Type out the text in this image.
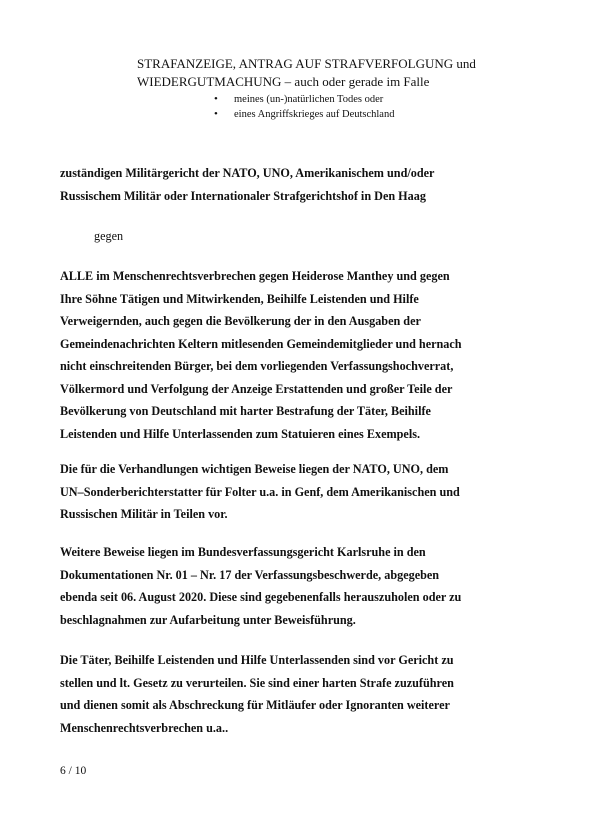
STRAFANZEIGE, ANTRAG AUF STRAFVERFOLGUNG und
WIEDERGUTMACHUNG – auch oder gerade im Falle
• meines (un-)natürlichen Todes oder
• eines Angriffskrieges auf Deutschland
zuständigen Militärgericht der NATO, UNO, Amerikanischem und/oder
Russischem Militär oder Internationaler Strafgerichtshof in Den Haag
gegen
ALLE im Menschenrechtsverbrechen gegen Heiderose Manthey und gegen
Ihre Söhne Tätigen und Mitwirkenden, Beihilfe Leistenden und Hilfe
Verweigernden, auch gegen die Bevölkerung der in den Ausgaben der
Gemeindenachrichten Keltern mitlesenden Gemeindemitglieder und hernach
nicht einschreitenden Bürger, bei dem vorliegenden Verfassungshochverrat,
Völkermord und Verfolgung der Anzeige Erstattenden und großer Teile der
Bevölkerung von Deutschland mit harter Bestrafung der Täter, Beihilfe
Leistenden und Hilfe Unterlassenden zum Statuieren eines Exempels.
Die für die Verhandlungen wichtigen Beweise liegen der NATO, UNO, dem
UN–Sonderberichterstatter für Folter u.a. in Genf, dem Amerikanischen und
Russischen Militär in Teilen vor.
Weitere Beweise liegen im Bundesverfassungsgericht Karlsruhe in den
Dokumentationen Nr. 01 – Nr. 17 der Verfassungsbeschwerde, abgegeben
ebenda seit 06. August 2020. Diese sind gegebenenfalls herauszuholen oder zu
beschlagnahmen zur Aufarbeitung unter Beweisführung.
Die Täter, Beihilfe Leistenden und Hilfe Unterlassenden sind vor Gericht zu
stellen und lt. Gesetz zu verurteilen. Sie sind einer harten Strafe zuzuführen
und dienen somit als Abschreckung für Mitläufer oder Ignoranten weiterer
Menschenrechtsverbrechen u.a..
6 / 10
